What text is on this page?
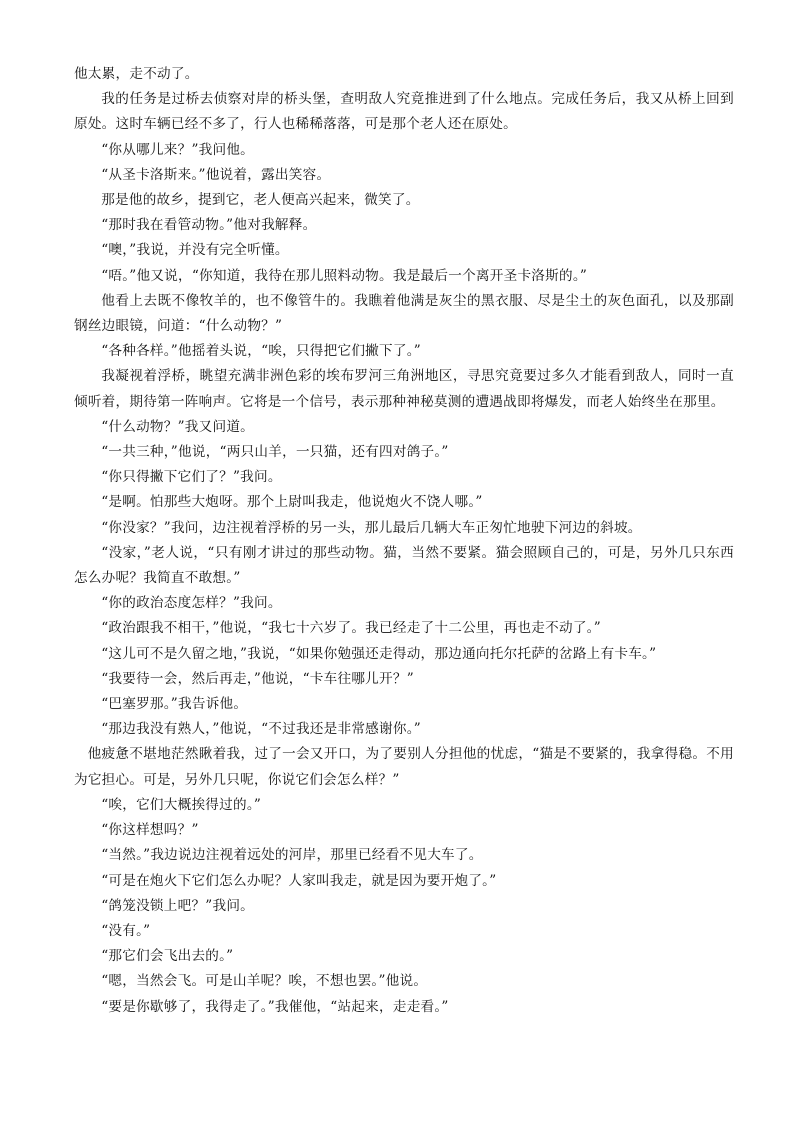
他太累，走不动了。

我的任务是过桥去侦察对岸的桥头堡，查明敌人究竟推进到了什么地点。完成任务后，我又从桥上回到原处。这时车辆已经不多了，行人也稀稀落落，可是那个老人还在原处。

“你从哪儿来？”我问他。

“从圣卡洛斯来。”他说着，露出笑容。

那是他的故乡，提到它，老人便高兴起来，微笑了。

“那时我在看管动物。”他对我解释。

“噢，”我说，并没有完全听懂。

“唔。”他又说，“你知道，我待在那儿照料动物。我是最后一个离开圣卡洛斯的。”

他看上去既不像牧羊的，也不像管牛的。我瞧着他满是灰尘的黑衣服、尽是尘土的灰色面孔，以及那副钢丝边眼镜，问道：“什么动物？”

“各种各样。”他摇着头说，“唉，只得把它们撇下了。”

我凝视着浮桥，眺望充满非洲色彩的埃布罗河三角洲地区，寻思究竟要过多久才能看到敌人，同时一直倾听着，期待第一阵响声。它将是一个信号，表示那种神秘莫测的遭遇战即将爆发，而老人始终坐在那里。

“什么动物？”我又问道。

“一共三种，”他说，“两只山羊，一只猫，还有四对鸽子。”

“你只得撇下它们了？”我问。

“是啊。怕那些大炮呀。那个上尉叫我走，他说炮火不饶人哪。”

“你没家？”我问，边注视着浮桥的另一头，那儿最后几辆大车正匆忙地驶下河边的斜坡。

“没家，”老人说，“只有刚才讲过的那些动物。猫，当然不要紧。猫会照顾自己的，可是，另外几只东西怎么办呢？我简直不敢想。”

“你的政治态度怎样？”我问。

“政治跟我不相干，”他说，“我七十六岁了。我已经走了十二公里，再也走不动了。”

“这儿可不是久留之地，”我说，“如果你勉强还走得动，那边通向托尔托萨的岔路上有卡车。”

“我要待一会，然后再走，”他说，“卡车往哪儿开？”

“巴塞罗那。”我告诉他。

“那边我没有熟人，”他说，“不过我还是非常感谢你。”

他疲惫不堪地茫然瞅着我，过了一会又开口，为了要别人分担他的忧虑，“猫是不要紧的，我拿得稳。不用为它担心。可是，另外几只呢，你说它们会怎么样？”

“唉，它们大概挨得过的。”

“你这样想吗？”

“当然。”我边说边注视着远处的河岸，那里已经看不见大车了。

“可是在炮火下它们怎么办呢？人家叫我走，就是因为要开炮了。”

“鸽笼没锁上吧？”我问。

“没有。”

“那它们会飞出去的。”

“嗯，当然会飞。可是山羊呢？唉，不想也罢。”他说。

“要是你歇够了，我得走了。”我催他，“站起来，走走看。”
